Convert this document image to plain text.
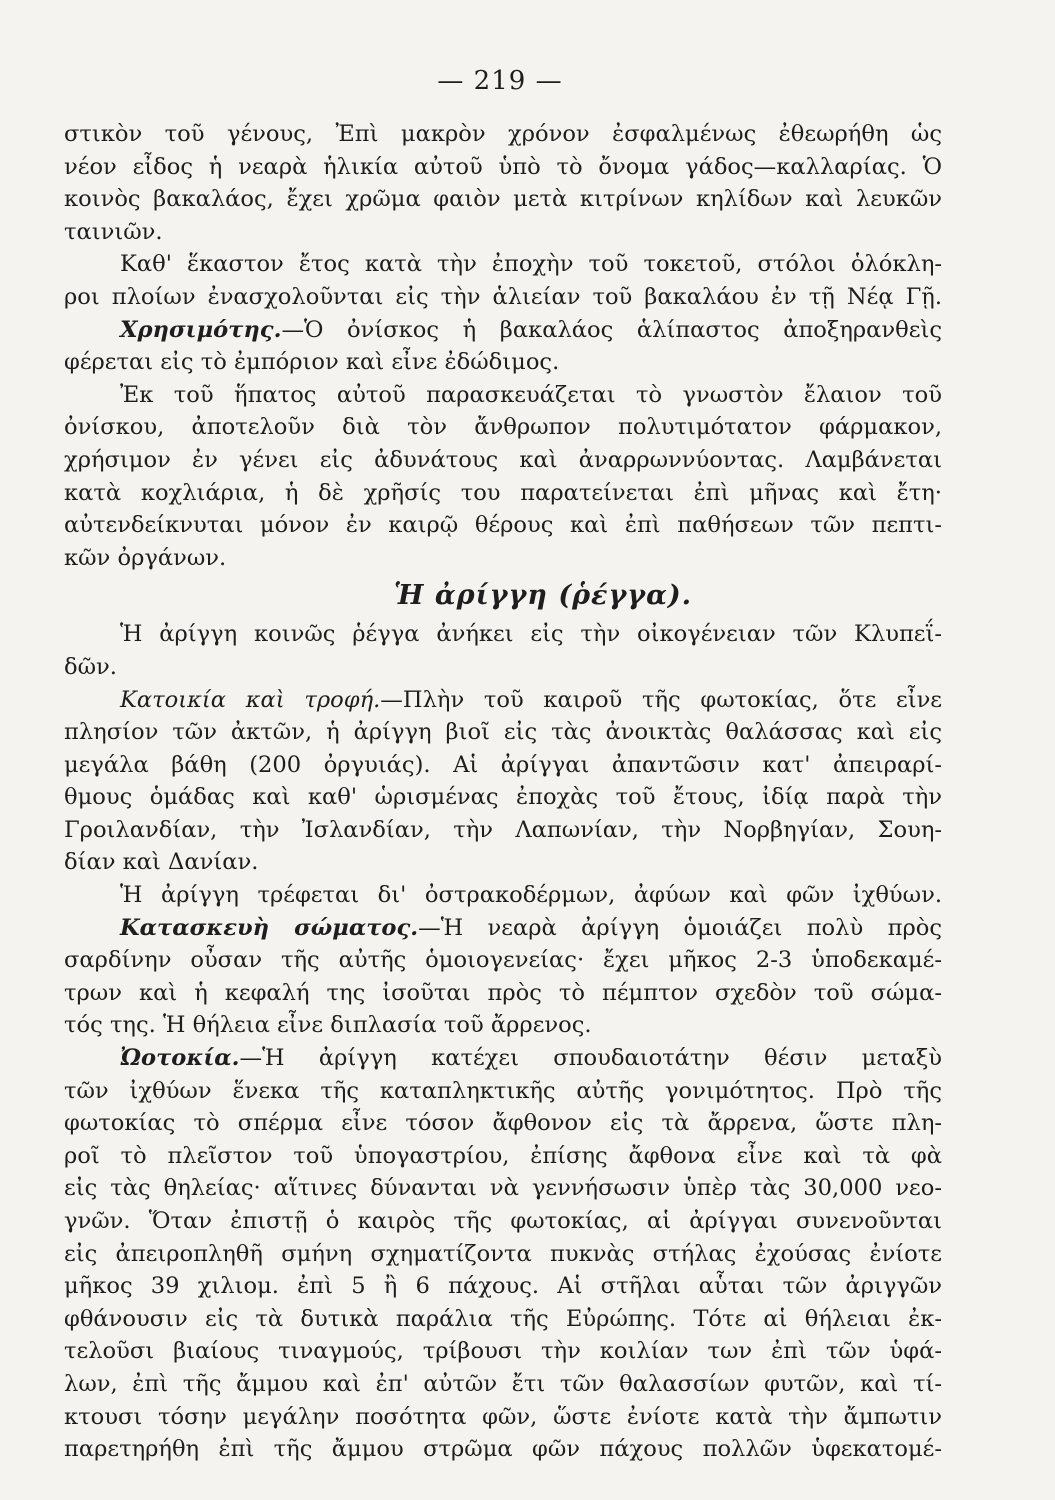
— 219 —
στικὸν τοῦ γένους, Ἐπὶ μακρὸν χρόνον ἐσφαλμένως ἐθεωρήθη ὡς
νέον εἶδος ἡ νεαρὰ ἡλικία αὐτοῦ ὑπὸ τὸ ὄνομα γάδος—καλλαρίας. Ὁ
κοινὸς βακαλάος, ἔχει χρῶμα φαιὸν μετὰ κιτρίνων κηλίδων καὶ λευκῶν
ταινιῶν.
Καθ' ἕκαστον ἔτος κατὰ τὴν ἐποχὴν τοῦ τοκετοῦ, στόλοι ὁλόκλη-
ροι πλοίων ἐνασχολοῦνται εἰς τὴν ἁλιείαν τοῦ βακαλάου ἐν τῇ Νέᾳ Γῇ.
Χρησιμότης.—Ὁ ὀνίσκος ἡ βακαλάος ἁλίπαστος ἀποξηρανθεὶς
φέρεται εἰς τὸ ἐμπόριον καὶ εἶνε ἐδώδιμος.
Ἐκ τοῦ ἥπατος αὐτοῦ παρασκευάζεται τὸ γνωστὸν ἔλαιον τοῦ
ὀνίσκου, ἀποτελοῦν διὰ τὸν ἄνθρωπον πολυτιμότατον φάρμακον,
χρήσιμον ἐν γένει εἰς ἀδυνάτους καὶ ἀναρρωννύοντας. Λαμβάνεται
κατὰ κοχλιάρια, ἡ δὲ χρῆσίς του παρατείνεται ἐπὶ μῆνας καὶ ἔτη·
αὐτενδείκνυται μόνον ἐν καιρῷ θέρους καὶ ἐπὶ παθήσεων τῶν πεπτι-
κῶν ὀργάνων.
Ἡ ἀρίγγη (ῥέγγα).
Ἡ ἀρίγγη κοινῶς ῥέγγα ἀνήκει εἰς τὴν οἰκογένειαν τῶν Κλυπεΐ-
δῶν.
Κατοικία καὶ τροφή.—Πλὴν τοῦ καιροῦ τῆς φωτοκίας, ὅτε εἶνε
πλησίον τῶν ἀκτῶν, ἡ ἀρίγγη βιοῖ εἰς τὰς ἀνοικτὰς θαλάσσας καὶ εἰς
μεγάλα βάθη (200 ὀργυιάς). Αἱ ἀρίγγαι ἀπαντῶσιν κατ' ἀπειραρί-
θμους ὁμάδας καὶ καθ' ὡρισμένας ἐποχὰς τοῦ ἔτους, ἰδίᾳ παρὰ τὴν
Γροιλανδίαν, τὴν Ἰσλανδίαν, τὴν Λαπωνίαν, τὴν Νορβηγίαν, Σουη-
δίαν καὶ Δανίαν.
Ἡ ἀρίγγη τρέφεται δι' ὀστρακοδέρμων, ἀφύων καὶ φῶν ἰχθύων.
Κατασκευὴ σώματος.—Ἡ νεαρὰ ἀρίγγη ὁμοιάζει πολὺ πρὸς
σαρδίνην οὖσαν τῆς αὐτῆς ὁμοιογενείας· ἔχει μῆκος 2-3 ὑποδεκαμέ-
τρων καὶ ἡ κεφαλή της ἰσοῦται πρὸς τὸ πέμπτον σχεδὸν τοῦ σώμα-
τός της. Ἡ θήλεια εἶνε διπλασία τοῦ ἄρρενος.
Ὠοτοκία.—Ἡ ἀρίγγη κατέχει σπουδαιοτάτην θέσιν μεταξὺ
τῶν ἰχθύων ἕνεκα τῆς καταπληκτικῆς αὐτῆς γονιμότητος. Πρὸ τῆς
φωτοκίας τὸ σπέρμα εἶνε τόσον ἄφθονον εἰς τὰ ἄρρενα, ὥστε πλη-
ροῖ τὸ πλεῖστον τοῦ ὑπογαστρίου, ἐπίσης ἄφθονα εἶνε καὶ τὰ φὰ
εἰς τὰς θηλείας· αἵτινες δύνανται νὰ γεννήσωσιν ὑπὲρ τὰς 30,000 νεο-
γνῶν. Ὅταν ἐπιστῇ ὁ καιρὸς τῆς φωτοκίας, αἱ ἀρίγγαι συνενοῦνται
εἰς ἀπειροπληθῆ σμήνη σχηματίζοντα πυκνὰς στήλας ἐχούσας ἐνίοτε
μῆκος 39 χιλιομ. ἐπὶ 5 ἢ 6 πάχους. Αἱ στῆλαι αὗται τῶν ἀριγγῶν
φθάνουσιν εἰς τὰ δυτικὰ παράλια τῆς Εὐρώπης. Τότε αἱ θήλειαι ἐκ-
τελοῦσι βιαίους τιναγμούς, τρίβουσι τὴν κοιλίαν των ἐπὶ τῶν ὑφά-
λων, ἐπὶ τῆς ἄμμου καὶ ἐπ' αὐτῶν ἔτι τῶν θαλασσίων φυτῶν, καὶ τί-
κτουσι τόσην μεγάλην ποσότητα φῶν, ὥστε ἐνίοτε κατὰ τὴν ἄμπωτιν
παρετηρήθη ἐπὶ τῆς ἄμμου στρῶμα φῶν πάχους πολλῶν ὑφεκατομέ-
